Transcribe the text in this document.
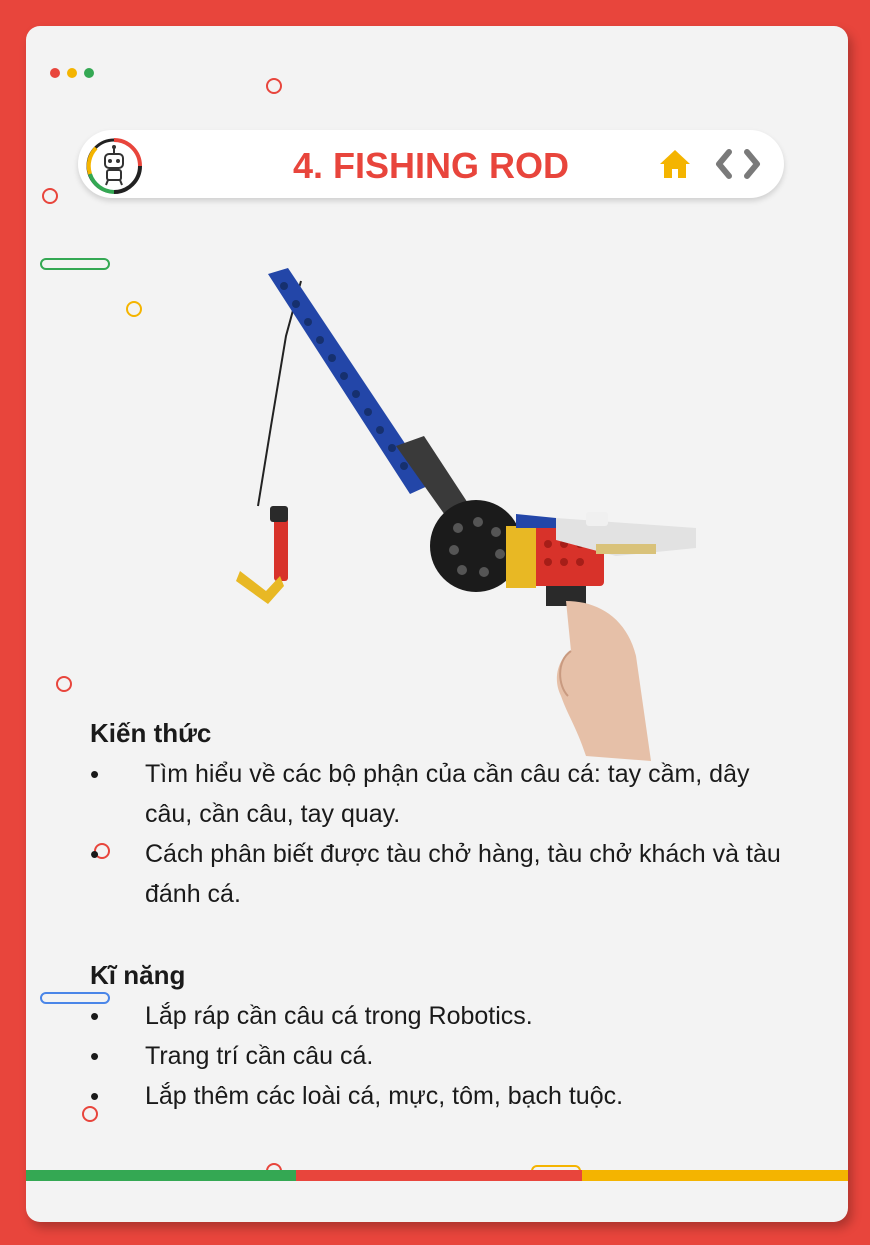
4. FISHING ROD
Kiến thức
• Tìm hiểu về các bộ phận của cần câu cá: tay cầm, dây câu, cần câu, tay quay.
• Cách phân biết được tàu chở hàng, tàu chở khách và tàu đánh cá.
Kĩ năng
• Lắp ráp cần câu cá trong Robotics.
• Trang trí cần câu cá.
• Lắp thêm các loài cá, mực, tôm, bạch tuộc.
